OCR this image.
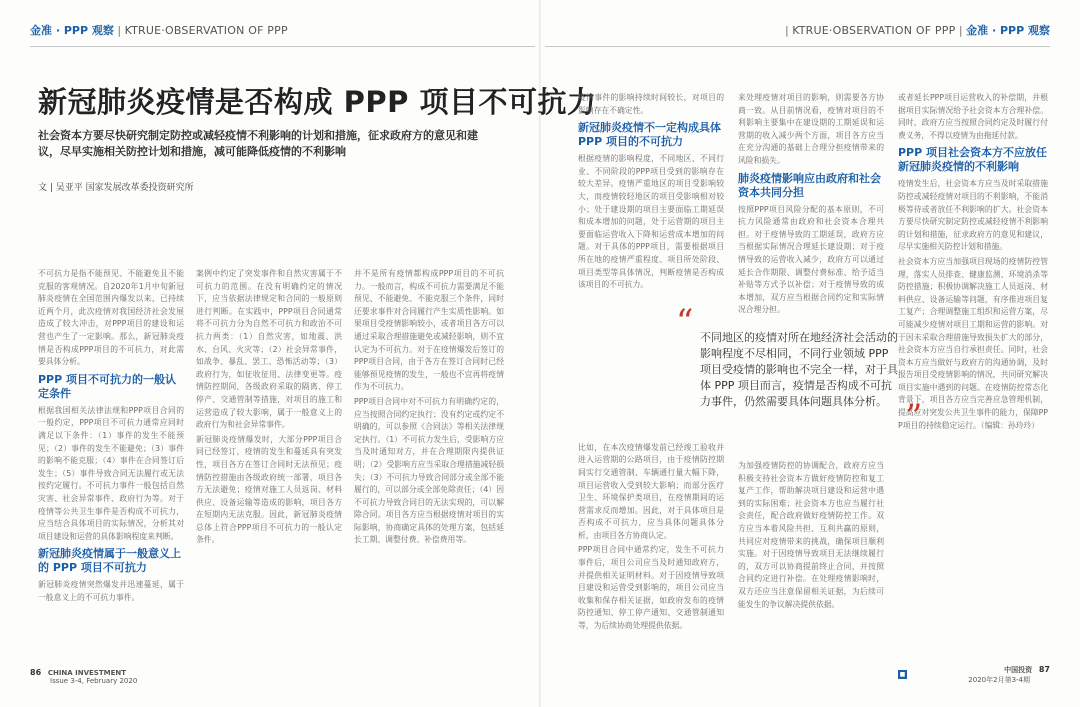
金准 · PPP 观察 | KTRUE·OBSERVATION OF PPP	| KTRUE·OBSERVATION OF PPP | 金准 · PPP 观察
新冠肺炎疫情是否构成 PPP 项目不可抗力
社会资本方要尽快研究制定防控或减轻疫情不利影响的计划和措施，征求政府方的意见和建议，尽早实施相关防控计划和措施，减可能降低疫情的不利影响
文 | 吴亚平 国家发展改革委投资研究所

不可抗力是指不能预见、不能避免且不能克服的客观情况。自2020年1月中旬新冠肺炎疫情在全国范围内爆发以来，已持续近两个月，此次疫情对我国经济社会发展造成了较大冲击，对PPP项目的建设和运营也产生了一定影响。那么，新冠肺炎疫情是否构成PPP项目的不可抗力，对此需要具体分析。

PPP 项目不可抗力的一般认定条件

根据我国相关法律法规和PPP项目合同的一般约定，PPP项目不可抗力通常应同时满足以下条件：（1）事件的发生不能预见；（2）事件的发生不能避免；（3）事件的影响不能克服；（4）事件在合同签订后发生；（5）事件导致合同无法履行或无法按约定履行。不可抗力事件一般包括自然灾害、社会异常事件、政府行为等。对于疫情等公共卫生事件是否构成不可抗力，应当结合具体项目的实际情况，分析其对项目建设和运营的具体影响程度来判断。

新冠肺炎疫情属于一般意义上的 PPP 项目不可抗力

新冠肺炎疫情突然爆发并迅速蔓延，属于一般意义上的不可抗力事件。

案例中约定了突发事件和自然灾害属于不可抗力的范围。在没有明确约定的情况下，应当依据法律规定和合同的一般原则进行判断。在实践中，PPP项目合同通常将不可抗力分为自然不可抗力和政治不可抗力两类：（1）自然灾害，如地震、洪水、台风、火灾等；（2）社会异常事件，如战争、暴乱、罢工、恐怖活动等；（3）政府行为，如征收征用、法律变更等。疫情防控期间，各级政府采取的隔离、停工停产、交通管制等措施，对项目的施工和运营造成了较大影响，属于一般意义上的政府行为和社会异常事件。

新冠肺炎疫情爆发时，大部分PPP项目合同已经签订，疫情的发生和蔓延具有突发性，项目各方在签订合同时无法预见；疫情防控措施由各级政府统一部署，项目各方无法避免；疫情对施工人员返岗、材料供应、设备运输等造成的影响，项目各方在短期内无法克服。因此，新冠肺炎疫情总体上符合PPP项目不可抗力的一般认定条件。

并不是所有疫情都构成PPP项目的不可抗力。一般而言，构成不可抗力需要满足不能预见、不能避免、不能克服三个条件，同时还要求事件对合同履行产生实质性影响。如果项目受疫情影响较小，或者项目各方可以通过采取合理措施避免或减轻影响，则不宜认定为不可抗力。对于在疫情爆发后签订的PPP项目合同，由于各方在签订合同时已经能够预见疫情的发生，一般也不宜再将疫情作为不可抗力。

PPP项目合同中对不可抗力有明确约定的，应当按照合同约定执行；没有约定或约定不明确的，可以参照《合同法》等相关法律规定执行。（1）不可抗力发生后，受影响方应当及时通知对方，并在合理期限内提供证明；（2）受影响方应当采取合理措施减轻损失；（3）不可抗力导致合同部分或全部不能履行的，可以部分或全部免除责任；（4）因不可抗力导致合同目的无法实现的，可以解除合同。项目各方应当根据疫情对项目的实际影响，协商确定具体的处理方案，包括延长工期、调整付费、补偿费用等。

疫情事件的影响持续时间较长，对项目的影响存在不确定性。

新冠肺炎疫情不一定构成具体 PPP 项目的不可抗力

根据疫情的影响程度，不同地区、不同行业、不同阶段的PPP项目受到的影响存在较大差异。疫情严重地区的项目受影响较大，而疫情较轻地区的项目受影响相对较小；处于建设期的项目主要面临工期延误和成本增加的问题，处于运营期的项目主要面临运营收入下降和运营成本增加的问题。对于具体的PPP项目，需要根据项目所在地的疫情严重程度、项目所处阶段、项目类型等具体情况，判断疫情是否构成该项目的不可抗力。

比如，在本次疫情爆发前已经竣工验收并进入运营期的公路项目，由于疫情防控期间实行交通管制、车辆通行量大幅下降，项目运营收入受到较大影响；而部分医疗卫生、环境保护类项目，在疫情期间的运营需求反而增加。因此，对于具体项目是否构成不可抗力，应当具体问题具体分析，由项目各方协商认定。

PPP项目合同中通常约定，发生不可抗力事件后，项目公司应当及时通知政府方，并提供相关证明材料。对于因疫情导致项目建设和运营受到影响的，项目公司应当收集和保存相关证据，如政府发布的疫情防控通知、停工停产通知、交通管制通知等，为后续协商处理提供依据。

来处理疫情对项目的影响，则需要各方协商一致。从目前情况看，疫情对项目的不利影响主要集中在建设期的工期延误和运营期的收入减少两个方面，项目各方应当在充分沟通的基础上合理分担疫情带来的风险和损失。

肺炎疫情影响应由政府和社会资本共同分担

按照PPP项目风险分配的基本原则，不可抗力风险通常由政府和社会资本合理共担。对于疫情导致的工期延误，政府方应当根据实际情况合理延长建设期；对于疫情导致的运营收入减少，政府方可以通过延长合作期限、调整付费标准、给予适当补贴等方式予以补偿；对于疫情导致的成本增加，双方应当根据合同约定和实际情况合理分担。

为加强疫情防控的协调配合，政府方应当积极支持社会资本方做好疫情防控和复工复产工作，帮助解决项目建设和运营中遇到的实际困难；社会资本方也应当履行社会责任，配合政府做好疫情防控工作。双方应当本着风险共担、互利共赢的原则，共同应对疫情带来的挑战，确保项目顺利实施。对于因疫情导致项目无法继续履行的，双方可以协商提前终止合同，并按照合同约定进行补偿。在处理疫情影响时，双方还应当注意保留相关证据，为后续可能发生的争议解决提供依据。

或者延长PPP项目运营收入的补偿期，并根据项目实际情况给予社会资本方合理补偿。同时，政府方应当按照合同约定及时履行付费义务，不得以疫情为由拖延付款。

PPP 项目社会资本方不应放任新冠肺炎疫情的不利影响

疫情发生后，社会资本方应当及时采取措施防控或减轻疫情对项目的不利影响，不能消极等待或者放任不利影响的扩大。社会资本方要尽快研究制定防控或减轻疫情不利影响的计划和措施，征求政府方的意见和建议，尽早实施相关防控计划和措施。

社会资本方应当加强项目现场的疫情防控管理，落实人员排查、健康监测、环境消杀等防控措施；积极协调解决施工人员返岗、材料供应、设备运输等问题，有序推进项目复工复产；合理调整施工组织和运营方案，尽可能减少疫情对项目工期和运营的影响。对于因未采取合理措施导致损失扩大的部分，社会资本方应当自行承担责任。同时，社会资本方应当做好与政府方的沟通协调，及时报告项目受疫情影响的情况，共同研究解决项目实施中遇到的问题。在疫情防控常态化背景下，项目各方应当完善应急管理机制，提高应对突发公共卫生事件的能力，保障PPP项目的持续稳定运行。（编辑：孙玲玲）

“ 不同地区的疫情对所在地经济社会活动的影响程度不尽相同，不同行业领域 PPP 项目受疫情的影响也不完全一样，对于具体 PPP 项目而言，疫情是否构成不可抗力事件，仍然需要具体问题具体分析。 ”
■
86 CHINA INVESTMENT
Issue 3-4, February 2020
中国投资 87
2020年2月第3-4期
